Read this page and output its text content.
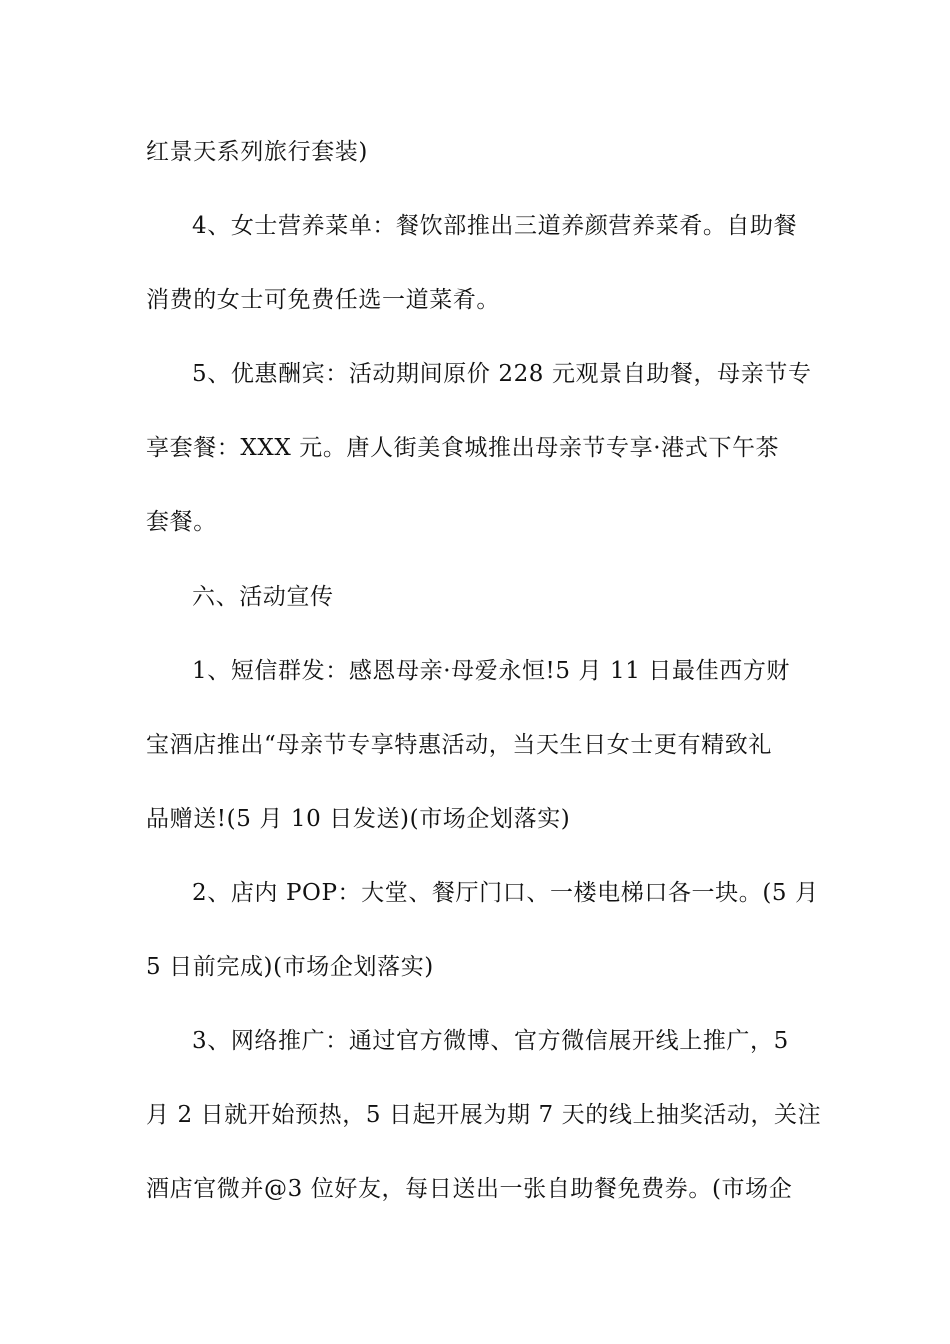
红景天系列旅行套装)
4、女士营养菜单：餐饮部推出三道养颜营养菜肴。自助餐
消费的女士可免费任选一道菜肴。
5、优惠酬宾：活动期间原价 228 元观景自助餐，母亲节专
享套餐：XXX 元。唐人街美食城推出母亲节专享·港式下午茶
套餐。
六、活动宣传
1、短信群发：感恩母亲·母爱永恒!5 月 11 日最佳西方财
宝酒店推出“母亲节专享特惠活动，当天生日女士更有精致礼
品赠送!(5 月 10 日发送)(市场企划落实)
2、店内 POP：大堂、餐厅门口、一楼电梯口各一块。(5 月
5 日前完成)(市场企划落实)
3、网络推广：通过官方微博、官方微信展开线上推广，5
月 2 日就开始预热，5 日起开展为期 7 天的线上抽奖活动，关注
酒店官微并@3 位好友，每日送出一张自助餐免费券。(市场企
